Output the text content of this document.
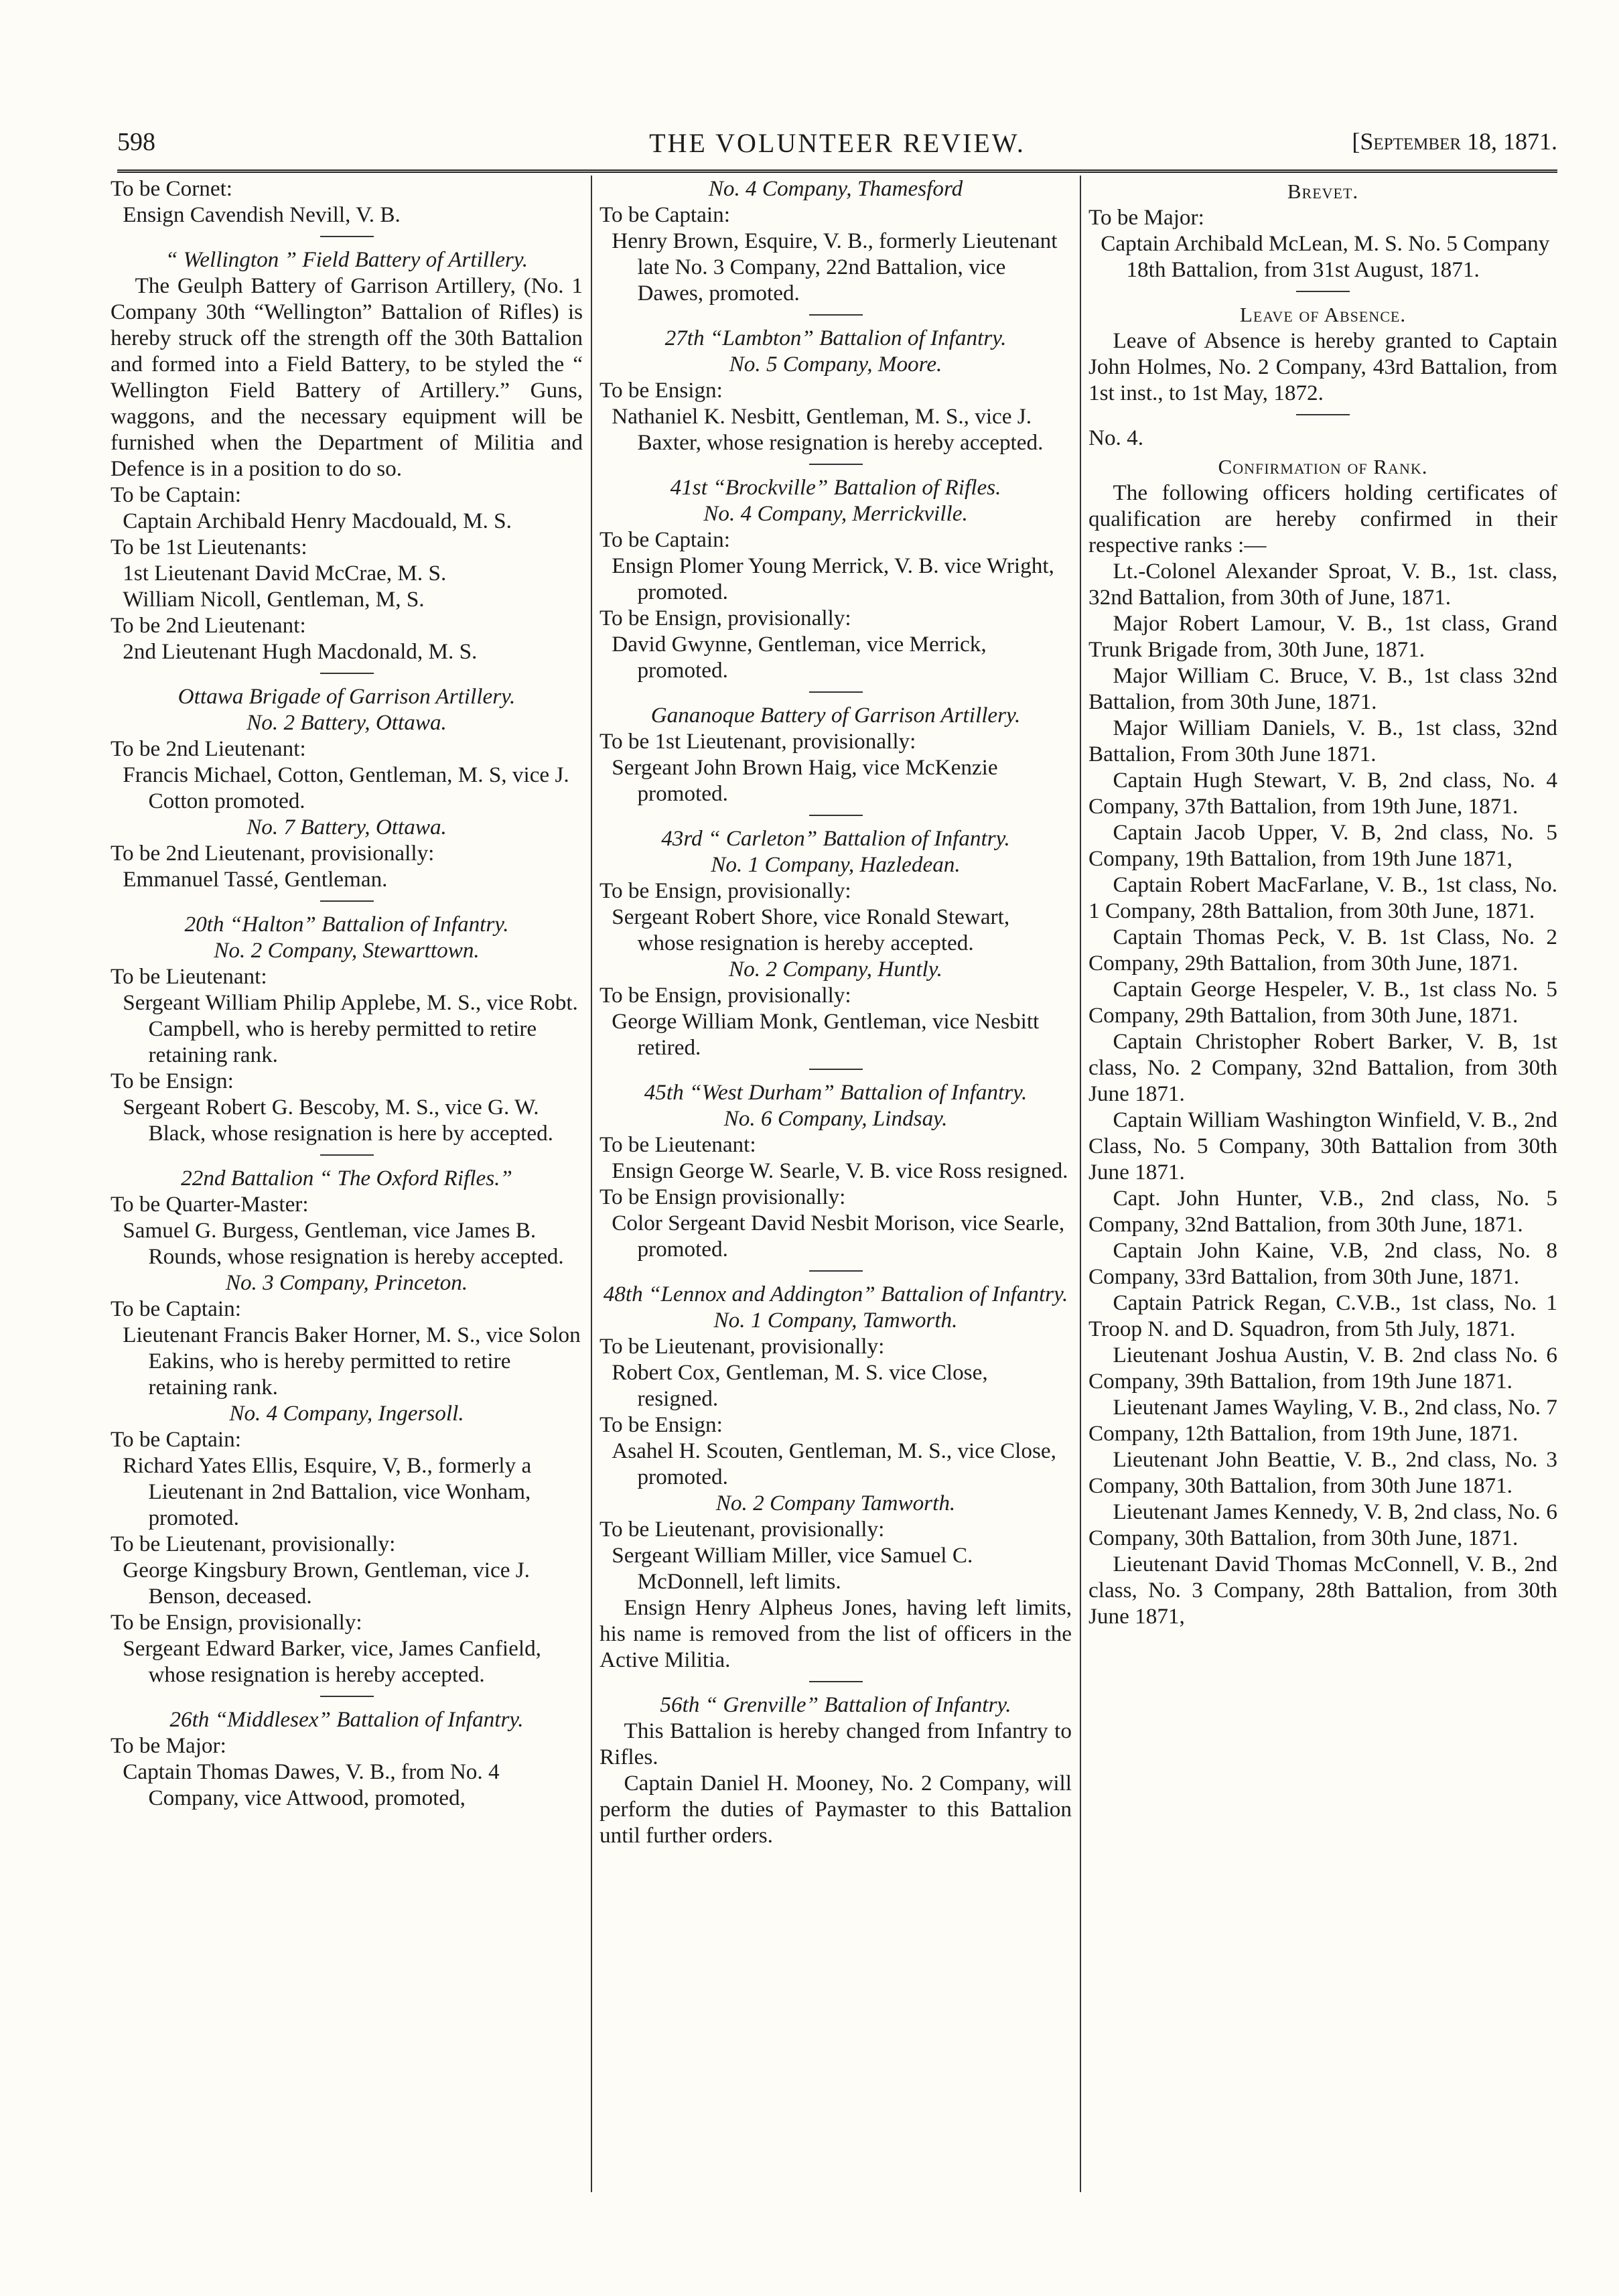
598	THE VOLUNTEER REVIEW.	[September 18, 1871.

To be Cornet:

Ensign Cavendish Nevill, V. B.

“ Wellington ” Field Battery of Artillery.

The Geulph Battery of Garrison Artillery, (No. 1 Company 30th “Wellington” Battalion of Rifles) is hereby struck off the strength off the 30th Battalion and formed into a Field Battery, to be styled the “ Wellington Field Battery of Artillery.” Guns, waggons, and the necessary equipment will be furnished when the Department of Militia and Defence is in a position to do so.

To be Captain:

Captain Archibald Henry Macdouald, M. S.

To be 1st Lieutenants:

1st Lieutenant David McCrae, M. S.

William Nicoll, Gentleman, M, S.

To be 2nd Lieutenant:

2nd Lieutenant Hugh Macdonald, M. S.

Ottawa Brigade of Garrison Artillery.

No. 2 Battery, Ottawa.

To be 2nd Lieutenant:

Francis Michael, Cotton, Gentleman, M. S, vice J. Cotton promoted.

No. 7 Battery, Ottawa.

To be 2nd Lieutenant, provisionally:

Emmanuel Tassé, Gentleman.

20th “Halton” Battalion of Infantry.

No. 2 Company, Stewarttown.

To be Lieutenant:

Sergeant William Philip Applebe, M. S., vice Robt. Campbell, who is hereby permitted to retire retaining rank.

To be Ensign:

Sergeant Robert G. Bescoby, M. S., vice G. W. Black, whose resignation is here by accepted.

22nd Battalion “ The Oxford Rifles.”

To be Quarter-Master:

Samuel G. Burgess, Gentleman, vice James B. Rounds, whose resignation is hereby accepted.

No. 3 Company, Princeton.

To be Captain:

Lieutenant Francis Baker Horner, M. S., vice Solon Eakins, who is hereby permitted to retire retaining rank.

No. 4 Company, Ingersoll.

To be Captain:

Richard Yates Ellis, Esquire, V, B., formerly a Lieutenant in 2nd Battalion, vice Wonham, promoted.

To be Lieutenant, provisionally:

George Kingsbury Brown, Gentleman, vice J. Benson, deceased.

To be Ensign, provisionally:

Sergeant Edward Barker, vice, James Canfield, whose resignation is hereby accepted.

26th “Middlesex” Battalion of Infantry.

To be Major:

Captain Thomas Dawes, V. B., from No. 4 Company, vice Attwood, promoted,

No. 4 Company, Thamesford

To be Captain:

Henry Brown, Esquire, V. B., formerly Lieutenant late No. 3 Company, 22nd Battalion, vice Dawes, promoted.

27th “Lambton” Battalion of Infantry.

No. 5 Company, Moore.

To be Ensign:

Nathaniel K. Nesbitt, Gentleman, M. S., vice J. Baxter, whose resignation is hereby accepted.

41st “Brockville” Battalion of Rifles.

No. 4 Company, Merrickville.

To be Captain:

Ensign Plomer Young Merrick, V. B. vice Wright, promoted.

To be Ensign, provisionally:

David Gwynne, Gentleman, vice Merrick, promoted.

Gananoque Battery of Garrison Artillery.

To be 1st Lieutenant, provisionally:

Sergeant John Brown Haig, vice McKenzie promoted.

43rd “ Carleton” Battalion of Infantry.

No. 1 Company, Hazledean.

To be Ensign, provisionally:

Sergeant Robert Shore, vice Ronald Stewart, whose resignation is hereby accepted.

No. 2 Company, Huntly.

To be Ensign, provisionally:

George William Monk, Gentleman, vice Nesbitt retired.

45th “West Durham” Battalion of Infantry.

No. 6 Company, Lindsay.

To be Lieutenant:

Ensign George W. Searle, V. B. vice Ross resigned.

To be Ensign provisionally:

Color Sergeant David Nesbit Morison, vice Searle, promoted.

48th “Lennox and Addington” Battalion of Infantry.

No. 1 Company, Tamworth.

To be Lieutenant, provisionally:

Robert Cox, Gentleman, M. S. vice Close, resigned.

To be Ensign:

Asahel H. Scouten, Gentleman, M. S., vice Close, promoted.

No. 2 Company Tamworth.

To be Lieutenant, provisionally:

Sergeant William Miller, vice Samuel C. McDonnell, left limits.

Ensign Henry Alpheus Jones, having left limits, his name is removed from the list of officers in the Active Militia.

56th “ Grenville” Battalion of Infantry.

This Battalion is hereby changed from Infantry to Rifles.

Captain Daniel H. Mooney, No. 2 Company, will perform the duties of Paymaster to this Battalion until further orders.

Brevet.

To be Major:

Captain Archibald McLean, M. S. No. 5 Company 18th Battalion, from 31st August, 1871.

Leave of Absence.

Leave of Absence is hereby granted to Captain John Holmes, No. 2 Company, 43rd Battalion, from 1st inst., to 1st May, 1872.

No. 4.

Confirmation of Rank.

The following officers holding certificates of qualification are hereby confirmed in their respective ranks :—

Lt.-Colonel Alexander Sproat, V. B., 1st. class, 32nd Battalion, from 30th of June, 1871.

Major Robert Lamour, V. B., 1st class, Grand Trunk Brigade from, 30th June, 1871.

Major William C. Bruce, V. B., 1st class 32nd Battalion, from 30th June, 1871.

Major William Daniels, V. B., 1st class, 32nd Battalion, From 30th June 1871.

Captain Hugh Stewart, V. B, 2nd class, No. 4 Company, 37th Battalion, from 19th June, 1871.

Captain Jacob Upper, V. B, 2nd class, No. 5 Company, 19th Battalion, from 19th June 1871,

Captain Robert MacFarlane, V. B., 1st class, No. 1 Company, 28th Battalion, from 30th June, 1871.

Captain Thomas Peck, V. B. 1st Class, No. 2 Company, 29th Battalion, from 30th June, 1871.

Captain George Hespeler, V. B., 1st class No. 5 Company, 29th Battalion, from 30th June, 1871.

Captain Christopher Robert Barker, V. B, 1st class, No. 2 Company, 32nd Battalion, from 30th June 1871.

Captain William Washington Winfield, V. B., 2nd Class, No. 5 Company, 30th Battalion from 30th June 1871.

Capt. John Hunter, V.B., 2nd class, No. 5 Company, 32nd Battalion, from 30th June, 1871.

Captain John Kaine, V.B, 2nd class, No. 8 Company, 33rd Battalion, from 30th June, 1871.

Captain Patrick Regan, C.V.B., 1st class, No. 1 Troop N. and D. Squadron, from 5th July, 1871.

Lieutenant Joshua Austin, V. B. 2nd class No. 6 Company, 39th Battalion, from 19th June 1871.

Lieutenant James Wayling, V. B., 2nd class, No. 7 Company, 12th Battalion, from 19th June, 1871.

Lieutenant John Beattie, V. B., 2nd class, No. 3 Company, 30th Battalion, from 30th June 1871.

Lieutenant James Kennedy, V. B, 2nd class, No. 6 Company, 30th Battalion, from 30th June, 1871.

Lieutenant David Thomas McConnell, V. B., 2nd class, No. 3 Company, 28th Battalion, from 30th June 1871,
